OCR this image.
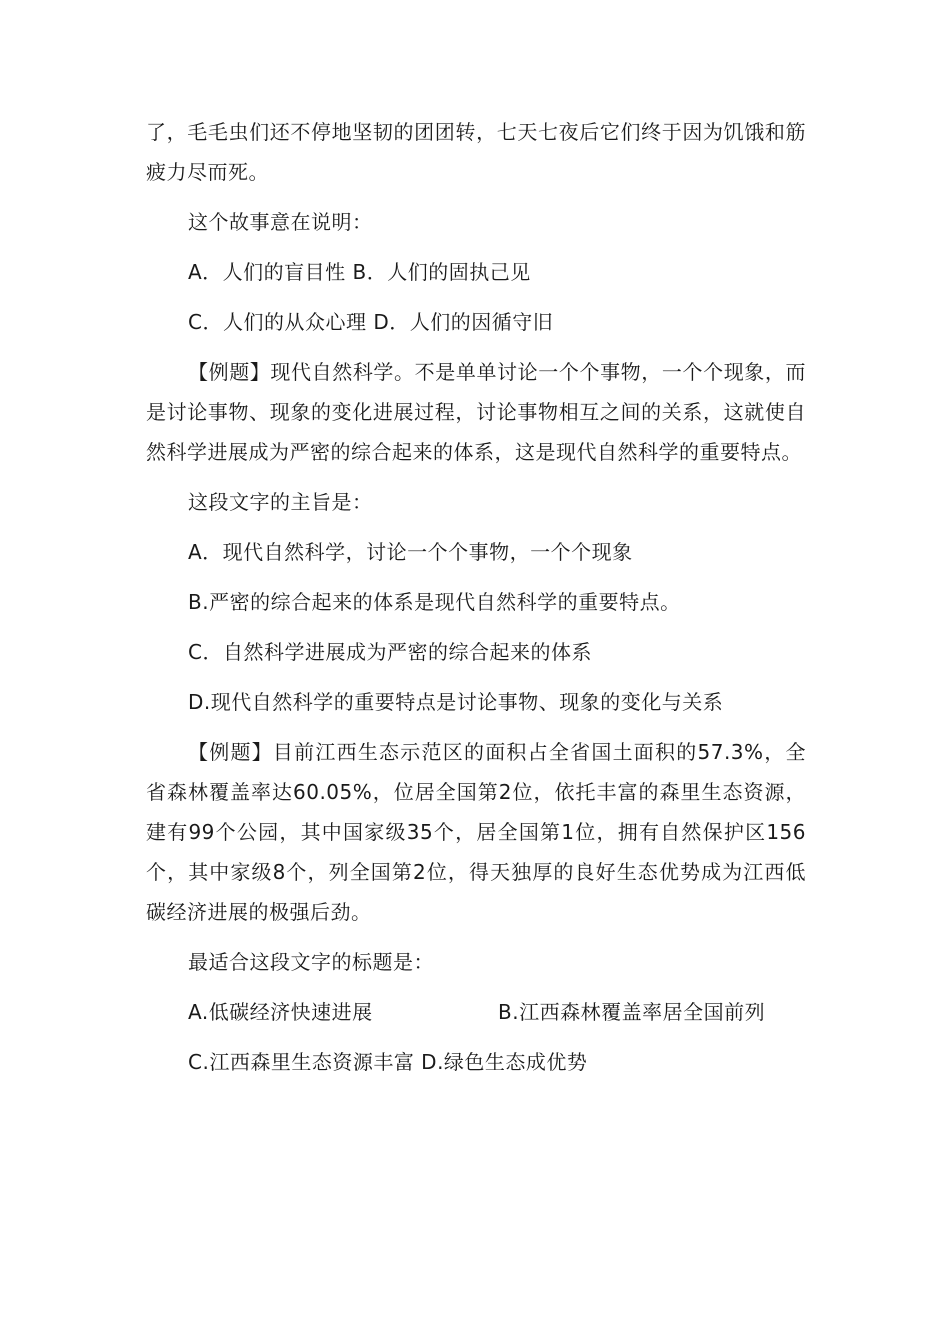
了，毛毛虫们还不停地坚韧的团团转，七天七夜后它们终于因为饥饿和筋疲力尽而死。

这个故事意在说明：

A．人们的盲目性 B．人们的固执己见

C．人们的从众心理 D．人们的因循守旧

【例题】现代自然科学。不是单单讨论一个个事物，一个个现象，而是讨论事物、现象的变化进展过程，讨论事物相互之间的关系，这就使自然科学进展成为严密的综合起来的体系，这是现代自然科学的重要特点。

这段文字的主旨是：

A．现代自然科学，讨论一个个事物，一个个现象

B.严密的综合起来的体系是现代自然科学的重要特点。

C．自然科学进展成为严密的综合起来的体系

D.现代自然科学的重要特点是讨论事物、现象的变化与关系

【例题】目前江西生态示范区的面积占全省国土面积的57.3%，全省森林覆盖率达60.05%，位居全国第2位，依托丰富的森里生态资源，建有99个公园，其中国家级35个，居全国第1位，拥有自然保护区156个，其中家级8个，列全国第2位，得天独厚的良好生态优势成为江西低碳经济进展的极强后劲。

最适合这段文字的标题是：

A.低碳经济快速进展	B.江西森林覆盖率居全国前列

C.江西森里生态资源丰富 D.绿色生态成优势
